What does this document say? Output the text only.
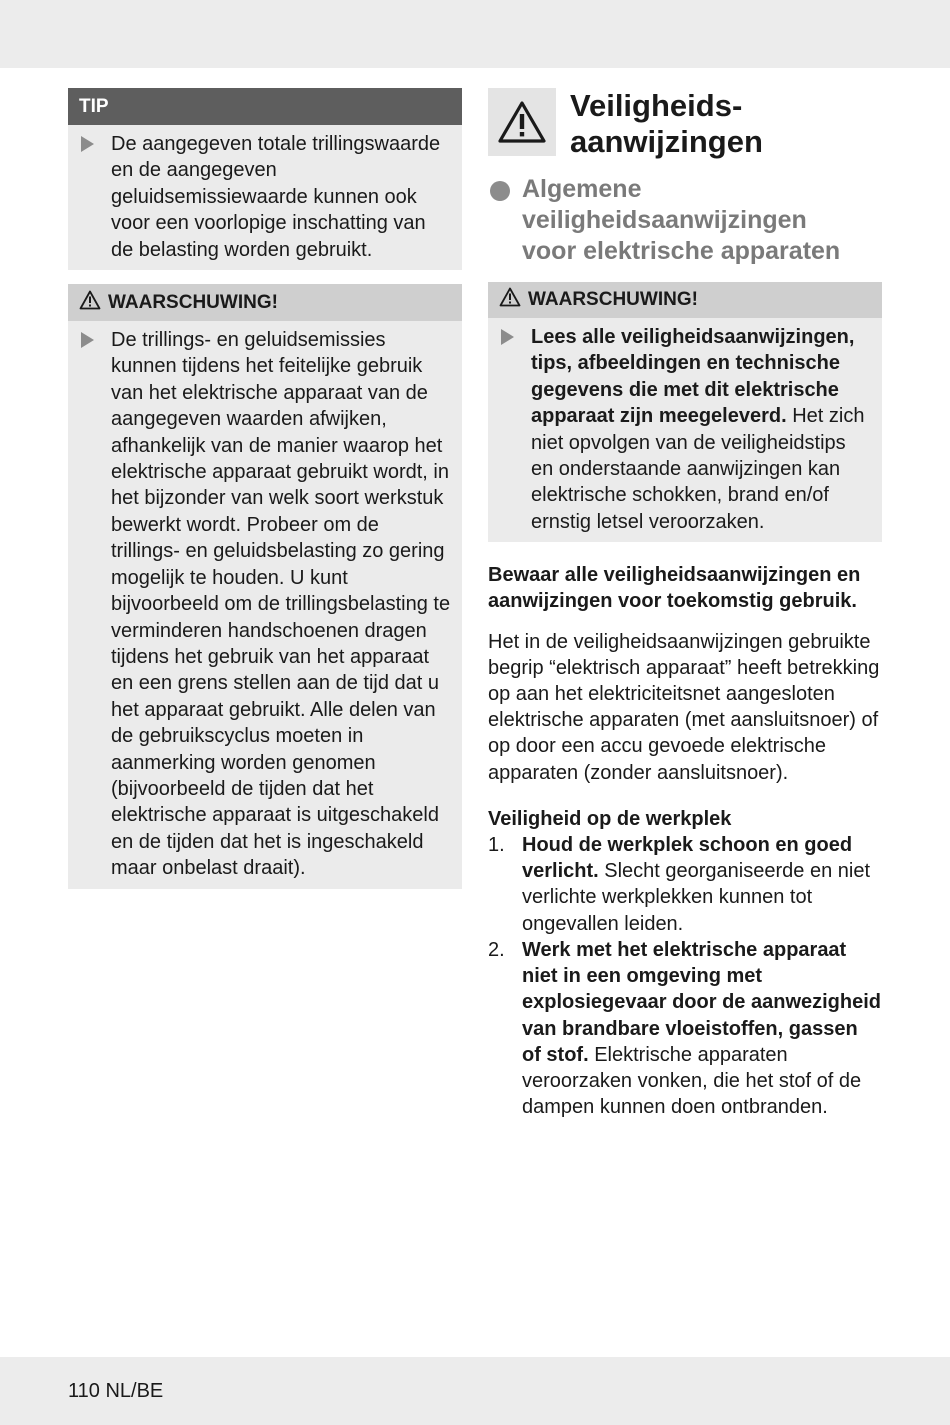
TIP
De aangegeven totale trillingswaarde en de aangegeven geluidsemissiewaarde kunnen ook voor een voorlopige inschatting van de belasting worden gebruikt.
WAARSCHUWING!
De trillings- en geluidsemissies kunnen tijdens het feitelijke gebruik van het elektrische apparaat van de aangegeven waarden afwijken, afhankelijk van de manier waarop het elektrische apparaat gebruikt wordt, in het bijzonder van welk soort werkstuk bewerkt wordt. Probeer om de trillings- en geluidsbelasting zo gering mogelijk te houden. U kunt bijvoorbeeld om de trillingsbelasting te verminderen handschoenen dragen tijdens het gebruik van het apparaat en een grens stellen aan de tijd dat u het apparaat gebruikt. Alle delen van de gebruikscyclus moeten in aanmerking worden genomen (bijvoorbeeld de tijden dat het elektrische apparaat is uitgeschakeld en de tijden dat het is ingeschakeld maar onbelast draait).
Veiligheids-
aanwijzingen
Algemene
veiligheidsaanwijzingen
voor elektrische apparaten
WAARSCHUWING!
Lees alle veiligheidsaanwijzingen, tips, afbeeldingen en technische gegevens die met dit elektrische apparaat zijn meegeleverd. Het zich niet opvolgen van de veiligheidstips en onderstaande aanwijzingen kan elektrische schokken, brand en/of ernstig letsel veroorzaken.

Bewaar alle veiligheidsaanwijzingen en aanwijzingen voor toekomstig gebruik.

Het in de veiligheidsaanwijzingen gebruikte begrip “elektrisch apparaat” heeft betrekking op aan het elektriciteitsnet aangesloten elektrische apparaten (met aansluitsnoer) of op door een accu gevoede elektrische apparaten (zonder aansluitsnoer).

Veiligheid op de werkplek

1. Houd de werkplek schoon en goed verlicht. Slecht georganiseerde en niet verlichte werkplekken kunnen tot ongevallen leiden.
2. Werk met het elektrische apparaat niet in een omgeving met explosiegevaar door de aanwezigheid van brandbare vloeistoffen, gassen of stof. Elektrische apparaten veroorzaken vonken, die het stof of de dampen kunnen doen ontbranden.
110 NL/BE
